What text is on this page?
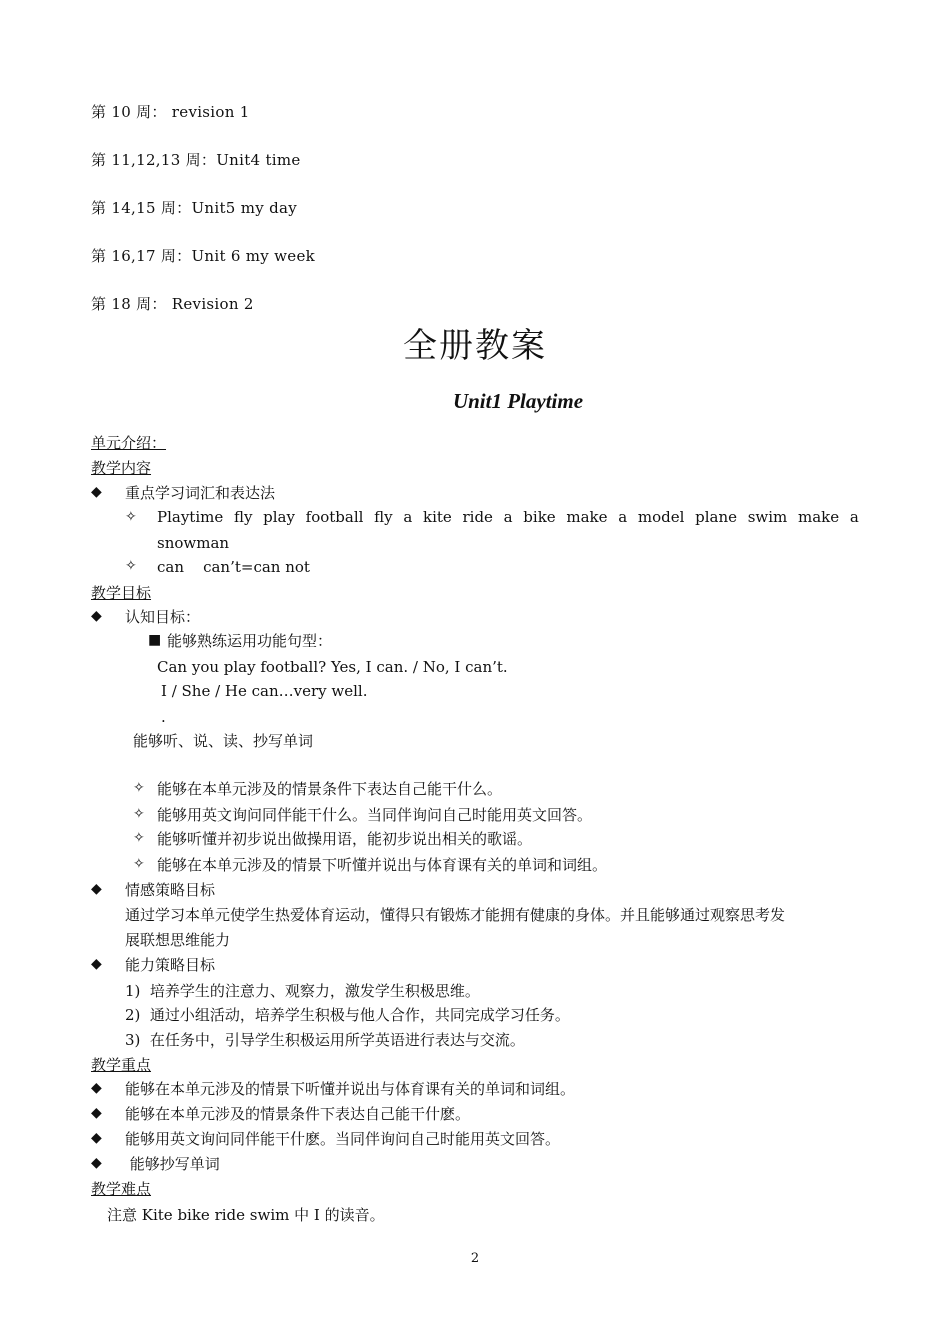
第 10 周： revision 1
第 11,12,13 周：Unit4 time
第 14,15 周：Unit5 my day
第 16,17 周：Unit 6 my week
第 18 周： Revision 2
全册教案
Unit1 Playtime
单元介绍：
教学内容
◆ 重点学习词汇和表达法
✧ Playtime fly play football fly a kite ride a bike make a model plane swim make a
snowman
✧ can    can’t=can not
教学目标
◆ 认知目标：
■ 能够熟练运用功能句型：
Can you play football? Yes, I can. / No, I can’t.
I / She / He can…very well.
.
能够听、说、读、抄写单词
✧ 能够在本单元涉及的情景条件下表达自己能干什么。
✧ 能够用英文询问同伴能干什么。当同伴询问自己时能用英文回答。
✧ 能够听懂并初步说出做操用语，能初步说出相关的歌谣。
✧ 能够在本单元涉及的情景下听懂并说出与体育课有关的单词和词组。
◆ 情感策略目标
通过学习本单元使学生热爱体育运动，懂得只有锻炼才能拥有健康的身体。并且能够通过观察思考发
展联想思维能力
◆ 能力策略目标
1)  培养学生的注意力、观察力，激发学生积极思维。
2)  通过小组活动，培养学生积极与他人合作，共同完成学习任务。
3)  在任务中，引导学生积极运用所学英语进行表达与交流。
教学重点
◆ 能够在本单元涉及的情景下听懂并说出与体育课有关的单词和词组。
◆ 能够在本单元涉及的情景条件下表达自己能干什麽。
◆ 能够用英文询问同伴能干什麽。当同伴询问自己时能用英文回答。
◆ 能够抄写单词
教学难点
注意 Kite bike ride swim 中 I 的读音。
2
